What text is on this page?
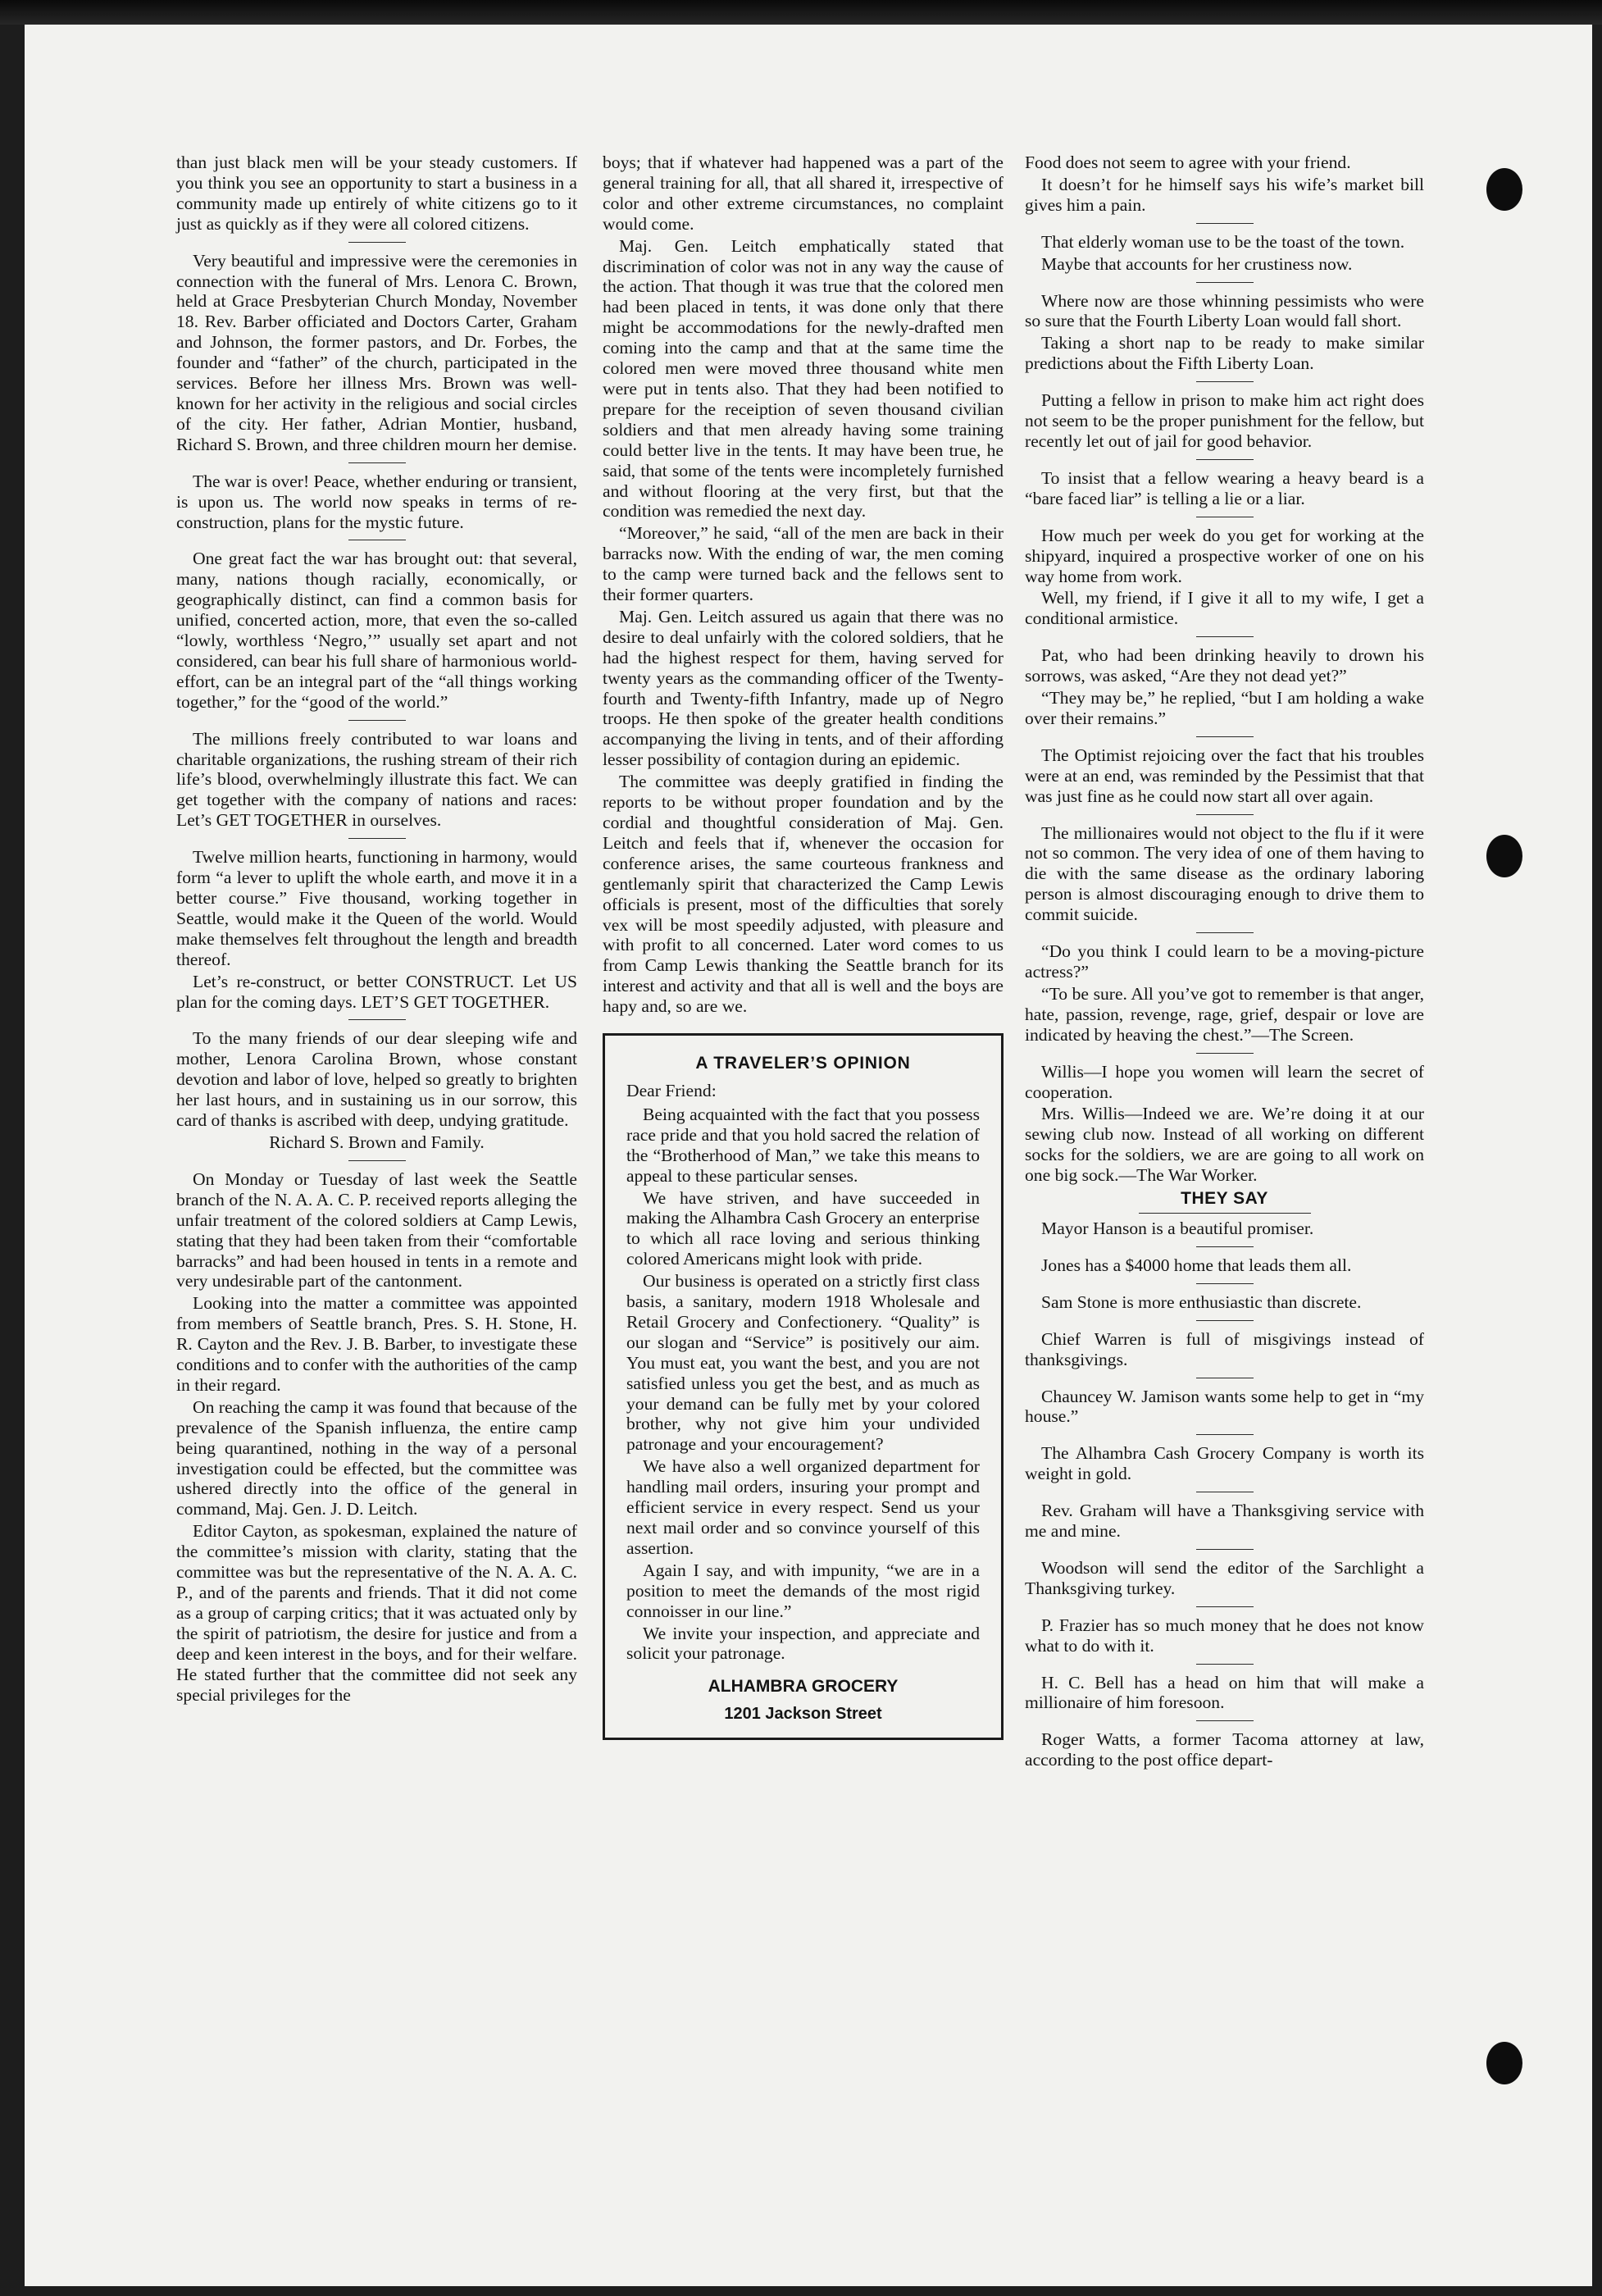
than just black men will be your steady customers. If you think you see an opportunity to start a business in a community made up entirely of white citizens go to it just as quickly as if they were all colored citizens.

Very beautiful and impressive were the ceremonies in connection with the funeral of Mrs. Lenora C. Brown, held at Grace Presbyterian Church Monday, November 18. Rev. Barber officiated and Doctors Carter, Graham and Johnson, the former pastors, and Dr. Forbes, the founder and “father” of the church, participated in the services. Before her illness Mrs. Brown was well-known for her activity in the religious and social circles of the city. Her father, Adrian Montier, husband, Richard S. Brown, and three children mourn her demise.

The war is over! Peace, whether enduring or transient, is upon us. The world now speaks in terms of re-construction, plans for the mystic future.

One great fact the war has brought out: that several, many, nations though racially, economically, or geographically distinct, can find a common basis for unified, concerted action, more, that even the so-called “lowly, worthless ‘Negro,’” usually set apart and not considered, can bear his full share of harmonious world-effort, can be an integral part of the “all things working together,” for the “good of the world.”

The millions freely contributed to war loans and charitable organizations, the rushing stream of their rich life’s blood, overwhelmingly illustrate this fact. We can get together with the company of nations and races: Let’s GET TOGETHER in ourselves.

Twelve million hearts, functioning in harmony, would form “a lever to uplift the whole earth, and move it in a better course.” Five thousand, working together in Seattle, would make it the Queen of the world. Would make themselves felt throughout the length and breadth thereof.

Let’s re-construct, or better CONSTRUCT. Let US plan for the coming days. LET’S GET TOGETHER.

To the many friends of our dear sleeping wife and mother, Lenora Carolina Brown, whose constant devotion and labor of love, helped so greatly to brighten her last hours, and in sustaining us in our sorrow, this card of thanks is ascribed with deep, undying gratitude.

Richard S. Brown and Family.

On Monday or Tuesday of last week the Seattle branch of the N. A. A. C. P. received reports alleging the unfair treatment of the colored soldiers at Camp Lewis, stating that they had been taken from their “comfortable barracks” and had been housed in tents in a remote and very undesirable part of the cantonment.

Looking into the matter a committee was appointed from members of Seattle branch, Pres. S. H. Stone, H. R. Cayton and the Rev. J. B. Barber, to investigate these conditions and to confer with the authorities of the camp in their regard.

On reaching the camp it was found that because of the prevalence of the Spanish influenza, the entire camp being quarantined, nothing in the way of a personal investigation could be effected, but the committee was ushered directly into the office of the general in command, Maj. Gen. J. D. Leitch.

Editor Cayton, as spokesman, explained the nature of the committee’s mission with clarity, stating that the committee was but the representative of the N. A. A. C. P., and of the parents and friends. That it did not come as a group of carping critics; that it was actuated only by the spirit of patriotism, the desire for justice and from a deep and keen interest in the boys, and for their welfare. He stated further that the committee did not seek any special privileges for the

boys; that if whatever had happened was a part of the general training for all, that all shared it, irrespective of color and other extreme circumstances, no complaint would come.

Maj. Gen. Leitch emphatically stated that discrimination of color was not in any way the cause of the action. That though it was true that the colored men had been placed in tents, it was done only that there might be accommodations for the newly-drafted men coming into the camp and that at the same time the colored men were moved three thousand white men were put in tents also. That they had been notified to prepare for the receiption of seven thousand civilian soldiers and that men already having some training could better live in the tents. It may have been true, he said, that some of the tents were incompletely furnished and without flooring at the very first, but that the condition was remedied the next day.

“Moreover,” he said, “all of the men are back in their barracks now. With the ending of war, the men coming to the camp were turned back and the fellows sent to their former quarters.

Maj. Gen. Leitch assured us again that there was no desire to deal unfairly with the colored soldiers, that he had the highest respect for them, having served for twenty years as the commanding officer of the Twenty-fourth and Twenty-fifth Infantry, made up of Negro troops. He then spoke of the greater health conditions accompanying the living in tents, and of their affording lesser possibility of contagion during an epidemic.

The committee was deeply gratified in finding the reports to be without proper foundation and by the cordial and thoughtful consideration of Maj. Gen. Leitch and feels that if, whenever the occasion for conference arises, the same courteous frankness and gentlemanly spirit that characterized the Camp Lewis officials is present, most of the difficulties that sorely vex will be most speedily adjusted, with pleasure and with profit to all concerned. Later word comes to us from Camp Lewis thanking the Seattle branch for its interest and activity and that all is well and the boys are hapy and, so are we.

A TRAVELER’S OPINION

Dear Friend:

Being acquainted with the fact that you possess race pride and that you hold sacred the relation of the “Brotherhood of Man,” we take this means to appeal to these particular senses.

We have striven, and have succeeded in making the Alhambra Cash Grocery an enterprise to which all race loving and serious thinking colored Americans might look with pride.

Our business is operated on a strictly first class basis, a sanitary, modern 1918 Wholesale and Retail Grocery and Confectionery. “Quality” is our slogan and “Service” is positively our aim. You must eat, you want the best, and you are not satisfied unless you get the best, and as much as your demand can be fully met by your colored brother, why not give him your undivided patronage and your encouragement?

We have also a well organized department for handling mail orders, insuring your prompt and efficient service in every respect. Send us your next mail order and so convince yourself of this assertion.

Again I say, and with impunity, “we are in a position to meet the demands of the most rigid connoisser in our line.”

We invite your inspection, and appreciate and solicit your patronage.

ALHAMBRA GROCERY

1201 Jackson Street

Food does not seem to agree with your friend.

It doesn’t for he himself says his wife’s market bill gives him a pain.

That elderly woman use to be the toast of the town.

Maybe that accounts for her crustiness now.

Where now are those whinning pessimists who were so sure that the Fourth Liberty Loan would fall short.

Taking a short nap to be ready to make similar predictions about the Fifth Liberty Loan.

Putting a fellow in prison to make him act right does not seem to be the proper punishment for the fellow, but recently let out of jail for good behavior.

To insist that a fellow wearing a heavy beard is a “bare faced liar” is telling a lie or a liar.

How much per week do you get for working at the shipyard, inquired a prospective worker of one on his way home from work.

Well, my friend, if I give it all to my wife, I get a conditional armistice.

Pat, who had been drinking heavily to drown his sorrows, was asked, “Are they not dead yet?”

“They may be,” he replied, “but I am holding a wake over their remains.”

The Optimist rejoicing over the fact that his troubles were at an end, was reminded by the Pessimist that that was just fine as he could now start all over again.

The millionaires would not object to the flu if it were not so common. The very idea of one of them having to die with the same disease as the ordinary laboring person is almost discouraging enough to drive them to commit suicide.

“Do you think I could learn to be a moving-picture actress?”

“To be sure. All you’ve got to remember is that anger, hate, passion, revenge, rage, grief, despair or love are indicated by heaving the chest.”—The Screen.

Willis—I hope you women will learn the secret of cooperation.

Mrs. Willis—Indeed we are. We’re doing it at our sewing club now. Instead of all working on different socks for the soldiers, we are are going to all work on one big sock.—The War Worker.

THEY SAY

Mayor Hanson is a beautiful promiser.

Jones has a $4000 home that leads them all.

Sam Stone is more enthusiastic than discrete.

Chief Warren is full of misgivings instead of thanksgivings.

Chauncey W. Jamison wants some help to get in “my house.”

The Alhambra Cash Grocery Company is worth its weight in gold.

Rev. Graham will have a Thanksgiving service with me and mine.

Woodson will send the editor of the Sarchlight a Thanksgiving turkey.

P. Frazier has so much money that he does not know what to do with it.

H. C. Bell has a head on him that will make a millionaire of him foresoon.

Roger Watts, a former Tacoma attorney at law, according to the post office depart-
